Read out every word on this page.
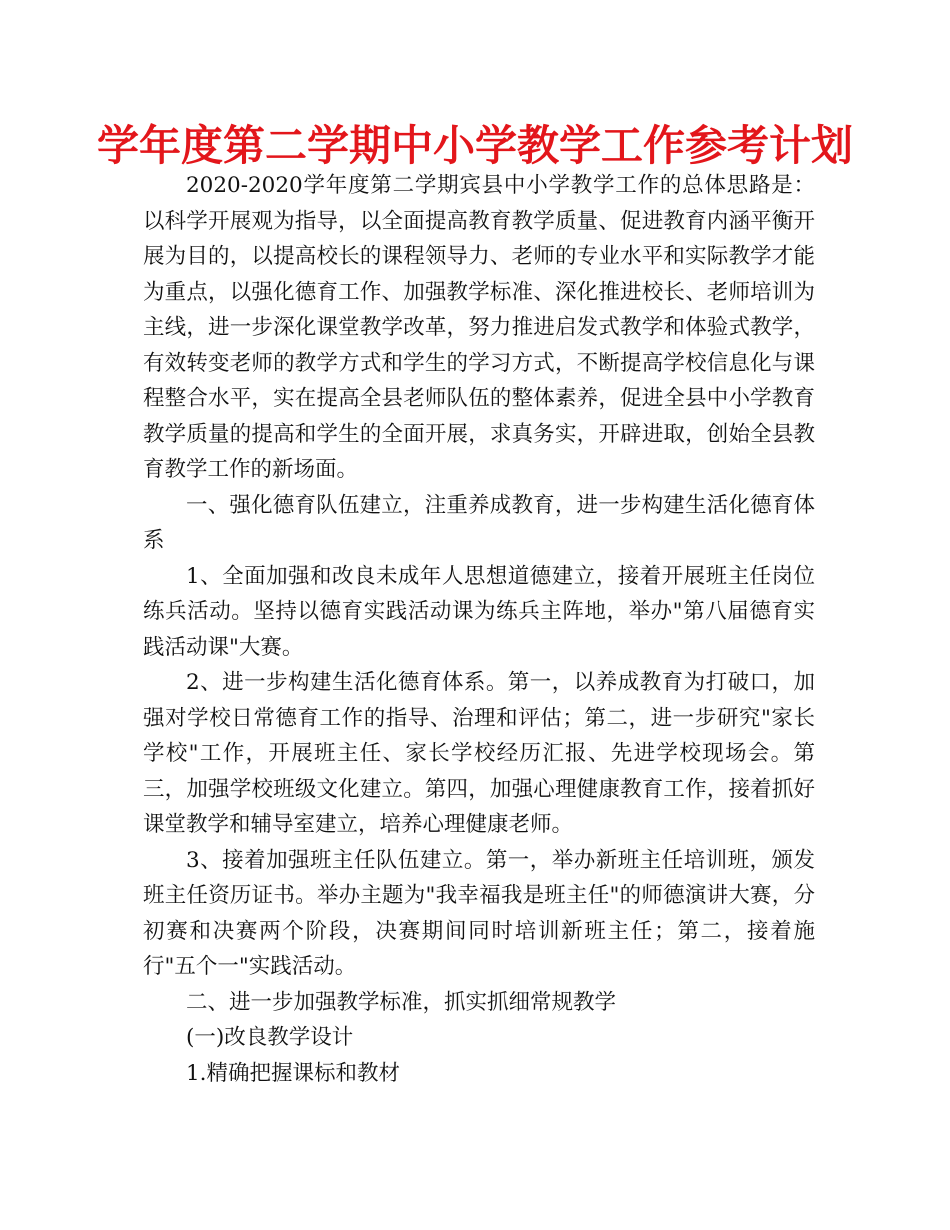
学年度第二学期中小学教学工作参考计划

2020-2020学年度第二学期宾县中小学教学工作的总体思路是：以科学开展观为指导，以全面提高教育教学质量、促进教育内涵平衡开展为目的，以提高校长的课程领导力、老师的专业水平和实际教学才能为重点，以强化德育工作、加强教学标准、深化推进校长、老师培训为主线，进一步深化课堂教学改革，努力推进启发式教学和体验式教学，有效转变老师的教学方式和学生的学习方式，不断提高学校信息化与课程整合水平，实在提高全县老师队伍的整体素养，促进全县中小学教育教学质量的提高和学生的全面开展，求真务实，开辟进取，创始全县教育教学工作的新场面。

一、强化德育队伍建立，注重养成教育，进一步构建生活化德育体系

1、全面加强和改良未成年人思想道德建立，接着开展班主任岗位练兵活动。坚持以德育实践活动课为练兵主阵地，举办"第八届德育实践活动课"大赛。

2、进一步构建生活化德育体系。第一，以养成教育为打破口，加强对学校日常德育工作的指导、治理和评估；第二，进一步研究"家长学校"工作，开展班主任、家长学校经历汇报、先进学校现场会。第三，加强学校班级文化建立。第四，加强心理健康教育工作，接着抓好课堂教学和辅导室建立，培养心理健康老师。

3、接着加强班主任队伍建立。第一，举办新班主任培训班，颁发班主任资历证书。举办主题为"我幸福我是班主任"的师德演讲大赛，分初赛和决赛两个阶段，决赛期间同时培训新班主任；第二，接着施行"五个一"实践活动。

二、进一步加强教学标准，抓实抓细常规教学

(一)改良教学设计

1.精确把握课标和教材
